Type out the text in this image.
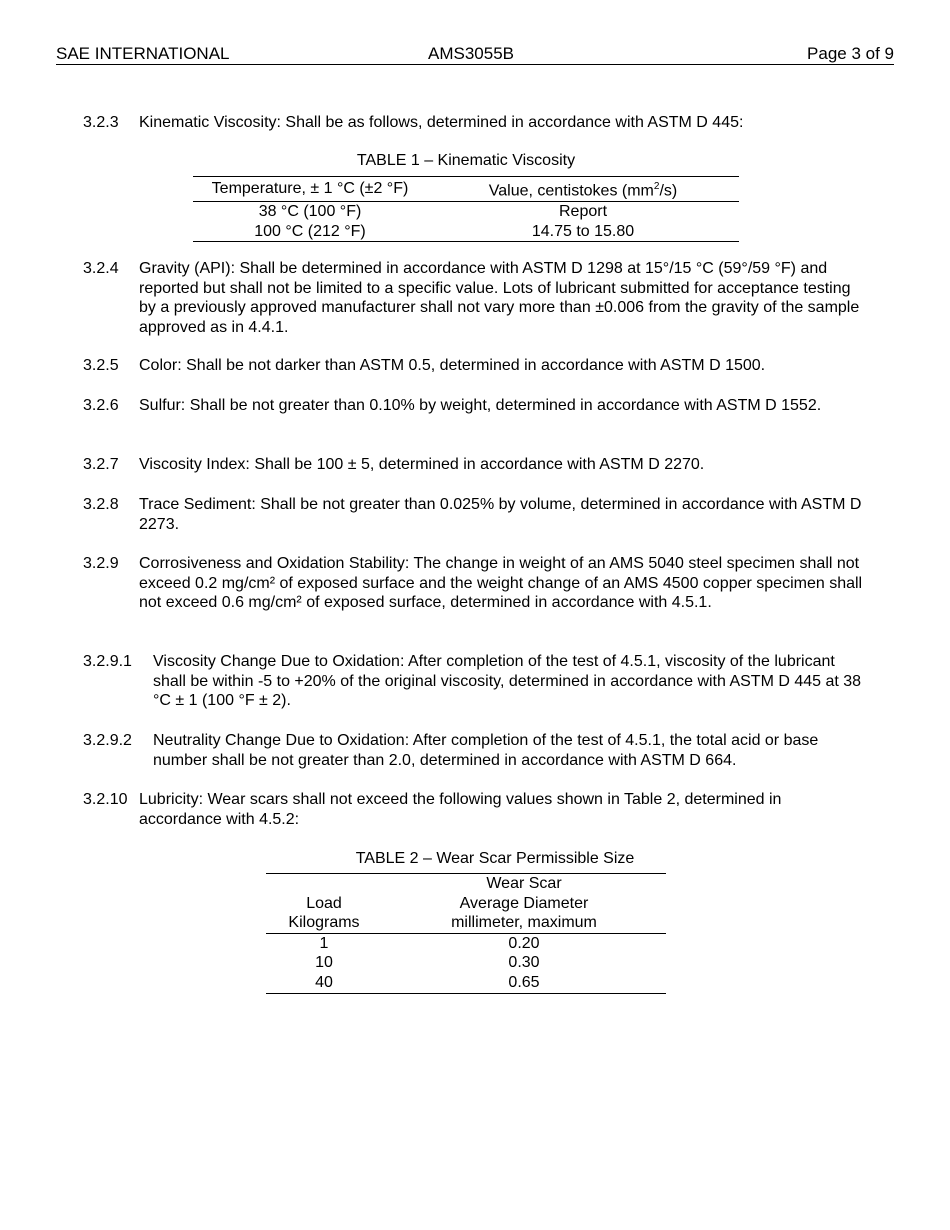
SAE INTERNATIONAL	AMS3055B	Page 3 of 9
3.2.3 Kinematic Viscosity: Shall be as follows, determined in accordance with ASTM D 445:
TABLE 1 – Kinematic Viscosity
Temperature, ± 1 °C (±2 °F)	Value, centistokes $(mm^2/s)$
38 °C (100 °F)	Report
100 °C (212 °F)	14.75 to 15.80
3.2.4 Gravity (API): Shall be determined in accordance with ASTM D 1298 at 15°/15 °C (59°/59 °F) and reported but shall not be limited to a specific value. Lots of lubricant submitted for acceptance testing by a previously approved manufacturer shall not vary more than ±0.006 from the gravity of the sample approved as in 4.4.1.
3.2.5 Color: Shall be not darker than ASTM 0.5, determined in accordance with ASTM D 1500.
3.2.6 Sulfur: Shall be not greater than 0.10% by weight, determined in accordance with ASTM D 1552.
3.2.7 Viscosity Index: Shall be 100 ± 5, determined in accordance with ASTM D 2270.
3.2.8 Trace Sediment: Shall be not greater than 0.025% by volume, determined in accordance with ASTM D 2273.
3.2.9 Corrosiveness and Oxidation Stability: The change in weight of an AMS 5040 steel specimen shall not exceed 0.2 mg/cm² of exposed surface and the weight change of an AMS 4500 copper specimen shall not exceed 0.6 mg/cm² of exposed surface, determined in accordance with 4.5.1.
3.2.9.1 Viscosity Change Due to Oxidation: After completion of the test of 4.5.1, viscosity of the lubricant shall be within -5 to +20% of the original viscosity, determined in accordance with ASTM D 445 at 38 °C ± 1 (100 °F ± 2).
3.2.9.2 Neutrality Change Due to Oxidation: After completion of the test of 4.5.1, the total acid or base number shall be not greater than 2.0, determined in accordance with ASTM D 664.
3.2.10 Lubricity: Wear scars shall not exceed the following values shown in Table 2, determined in accordance with 4.5.2:
TABLE 2 – Wear Scar Permissible Size
	Wear Scar
Load	Average Diameter
Kilograms	millimeter, maximum
1	0.20
10	0.30
40	0.65
